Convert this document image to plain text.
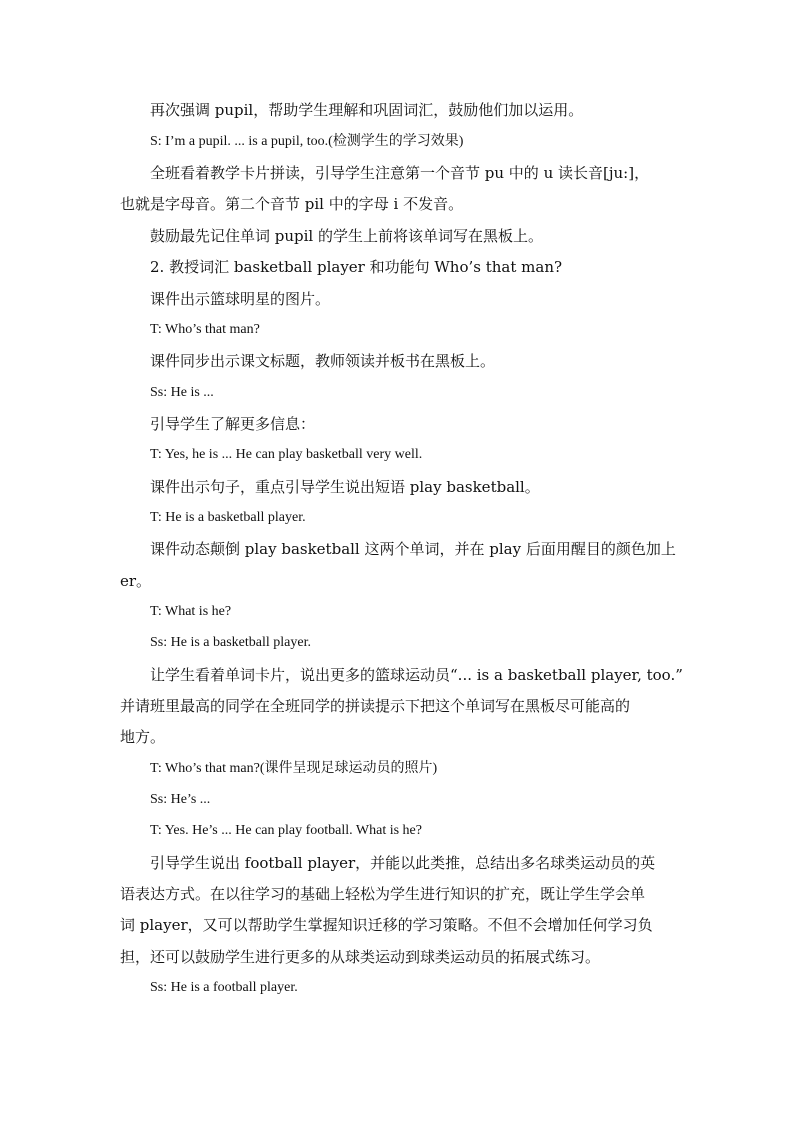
再次强调 pupil，帮助学生理解和巩固词汇，鼓励他们加以运用。
S: I’m a pupil. ... is a pupil, too.(检测学生的学习效果)
全班看着教学卡片拼读，引导学生注意第一个音节 pu 中的 u 读长音[ju:]，
也就是字母音。第二个音节 pil 中的字母 i 不发音。
鼓励最先记住单词 pupil 的学生上前将该单词写在黑板上。
2. 教授词汇 basketball player 和功能句 Who’s that man?
课件出示篮球明星的图片。
T: Who’s that man?
课件同步出示课文标题，教师领读并板书在黑板上。
Ss: He is ...
引导学生了解更多信息：
T: Yes, he is ... He can play basketball very well.
课件出示句子，重点引导学生说出短语 play basketball。
T: He is a basketball player.
课件动态颠倒 play basketball 这两个单词，并在 play 后面用醒目的颜色加上
er。
T: What is he?
Ss: He is a basketball player.
让学生看着单词卡片，说出更多的篮球运动员“... is a basketball player, too.”
并请班里最高的同学在全班同学的拼读提示下把这个单词写在黑板尽可能高的
地方。
T: Who’s that man?(课件呈现足球运动员的照片)
Ss: He’s ...
T: Yes. He’s ... He can play football. What is he?
引导学生说出 football player，并能以此类推，总结出多名球类运动员的英
语表达方式。在以往学习的基础上轻松为学生进行知识的扩充，既让学生学会单
词 player，又可以帮助学生掌握知识迁移的学习策略。不但不会增加任何学习负
担，还可以鼓励学生进行更多的从球类运动到球类运动员的拓展式练习。
Ss: He is a football player.
